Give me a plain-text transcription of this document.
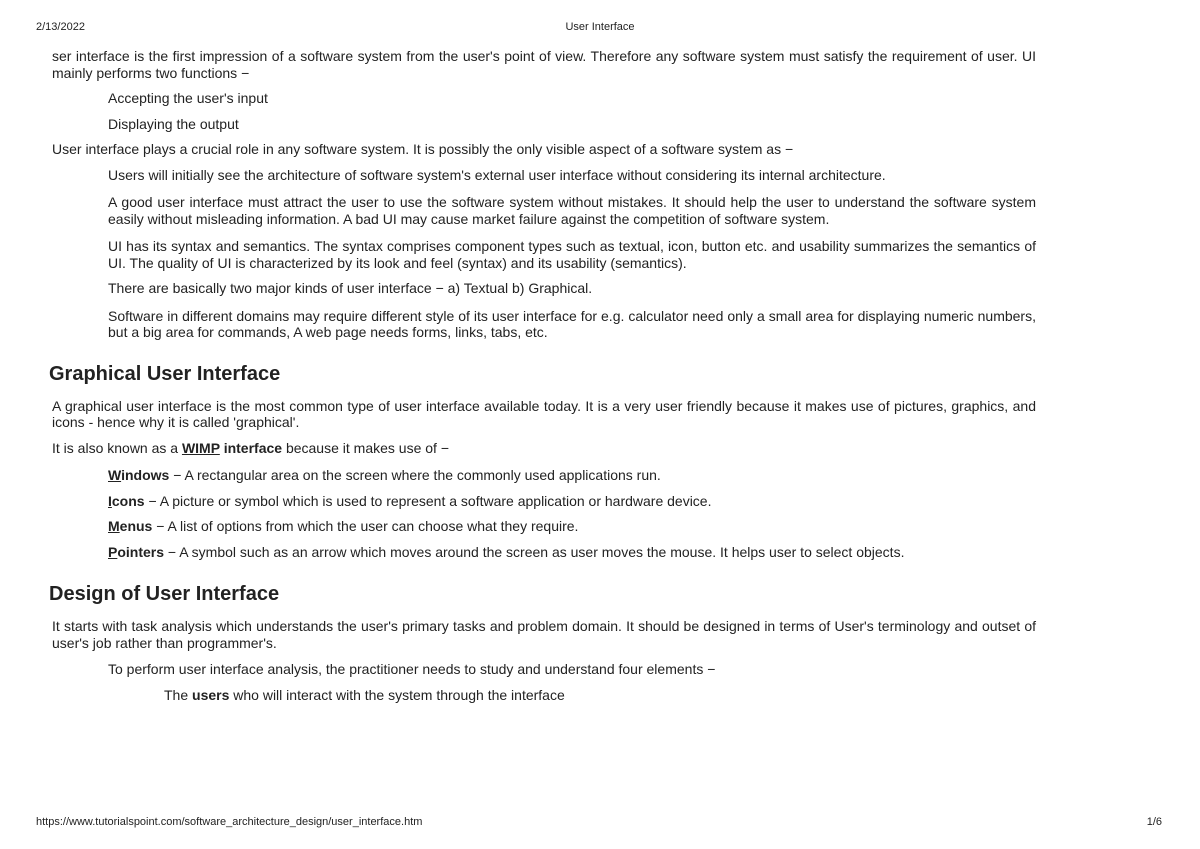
2/13/2022	User Interface

ser interface is the first impression of a software system from the user's point of view. Therefore any software system must satisfy the requirement of user. UI mainly performs two functions −

Accepting the user's input

Displaying the output

User interface plays a crucial role in any software system. It is possibly the only visible aspect of a software system as −

Users will initially see the architecture of software system's external user interface without considering its internal architecture.

A good user interface must attract the user to use the software system without mistakes. It should help the user to understand the software system easily without misleading information. A bad UI may cause market failure against the competition of software system.

UI has its syntax and semantics. The syntax comprises component types such as textual, icon, button etc. and usability summarizes the semantics of UI. The quality of UI is characterized by its look and feel (syntax) and its usability (semantics).

There are basically two major kinds of user interface − a) Textual b) Graphical.

Software in different domains may require different style of its user interface for e.g. calculator need only a small area for displaying numeric numbers, but a big area for commands, A web page needs forms, links, tabs, etc.

Graphical User Interface

A graphical user interface is the most common type of user interface available today. It is a very user friendly because it makes use of pictures, graphics, and icons - hence why it is called 'graphical'.

It is also known as a WIMP interface because it makes use of −

Windows − A rectangular area on the screen where the commonly used applications run.

Icons − A picture or symbol which is used to represent a software application or hardware device.

Menus − A list of options from which the user can choose what they require.

Pointers − A symbol such as an arrow which moves around the screen as user moves the mouse. It helps user to select objects.

Design of User Interface

It starts with task analysis which understands the user's primary tasks and problem domain. It should be designed in terms of User's terminology and outset of user's job rather than programmer's.

To perform user interface analysis, the practitioner needs to study and understand four elements −

The users who will interact with the system through the interface

https://www.tutorialspoint.com/software_architecture_design/user_interface.htm	1/6
